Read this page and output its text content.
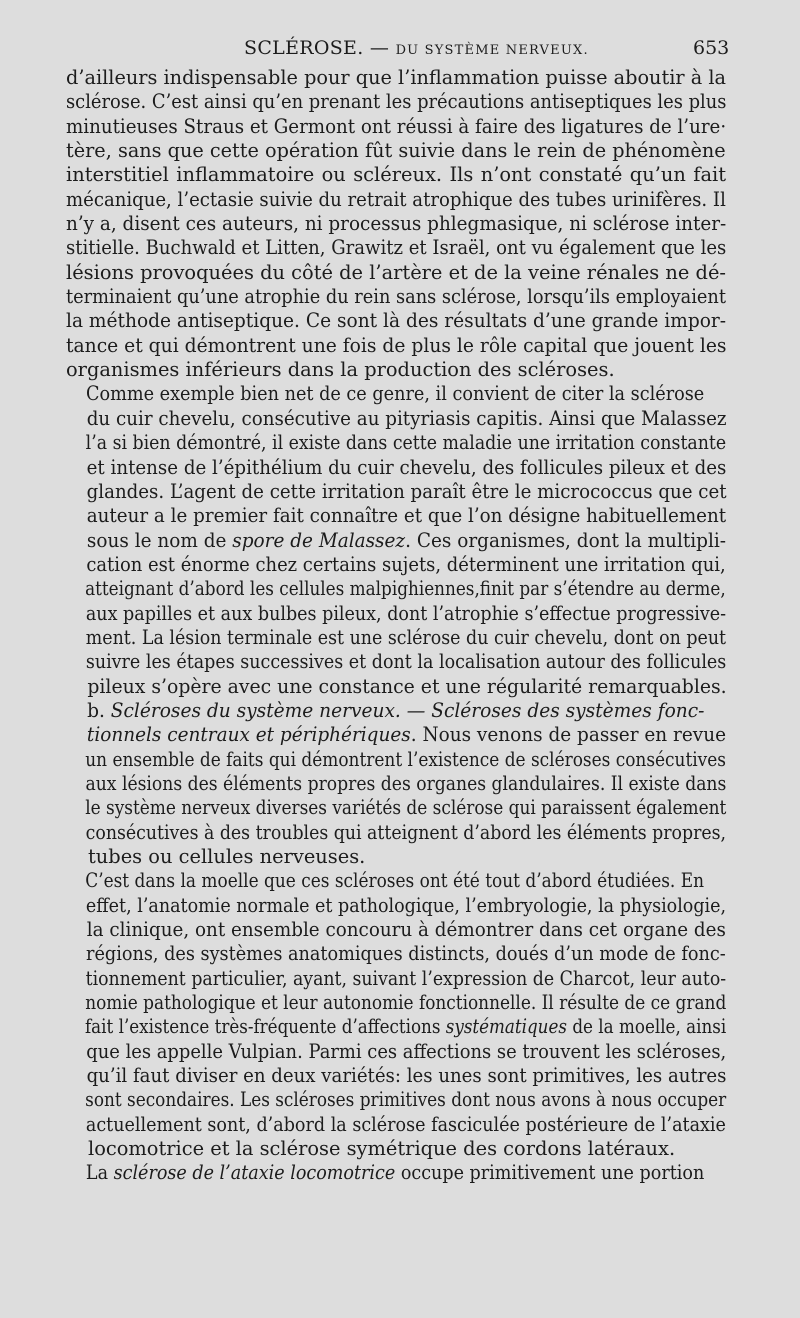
SCLÉROSE. — DU SYSTÈME NERVEUX.	653

d’ailleurs indispensable pour que l’inflammation puisse aboutir à la
sclérose. C’est ainsi qu’en prenant les précautions antiseptiques les plus
minutieuses Straus et Germont ont réussi à faire des ligatures de l’ure·
tère, sans que cette opération fût suivie dans le rein de phénomène
interstitiel inflammatoire ou scléreux. Ils n’ont constaté qu’un fait
mécanique, l’ectasie suivie du retrait atrophique des tubes urinifères. Il
n’y a, disent ces auteurs, ni processus phlegmasique, ni sclérose inter-
stitielle. Buchwald et Litten, Grawitz et Israël, ont vu également que les
lésions provoquées du côté de l’artère et de la veine rénales ne dé-
terminaient qu’une atrophie du rein sans sclérose, lorsqu’ils employaient
la méthode antiseptique. Ce sont là des résultats d’une grande impor-
tance et qui démontrent une fois de plus le rôle capital que jouent les
organismes inférieurs dans la production des scléroses.

Comme exemple bien net de ce genre, il convient de citer la sclérose
du cuir chevelu, consécutive au pityriasis capitis. Ainsi que Malassez
l’a si bien démontré, il existe dans cette maladie une irritation constante
et intense de l’épithélium du cuir chevelu, des follicules pileux et des
glandes. L’agent de cette irritation paraît être le micrococcus que cet
auteur a le premier fait connaître et que l’on désigne habituellement
sous le nom de spore de Malassez. Ces organismes, dont la multipli-
cation est énorme chez certains sujets, déterminent une irritation qui,
atteignant d’abord les cellules malpighiennes,finit par s’étendre au derme,
aux papilles et aux bulbes pileux, dont l’atrophie s’effectue progressive-
ment. La lésion terminale est une sclérose du cuir chevelu, dont on peut
suivre les étapes successives et dont la localisation autour des follicules
pileux s’opère avec une constance et une régularité remarquables.

b. Scléroses du système nerveux. — Scléroses des systèmes fonc-
tionnels centraux et périphériques. Nous venons de passer en revue
un ensemble de faits qui démontrent l’existence de scléroses consécutives
aux lésions des éléments propres des organes glandulaires. Il existe dans
le système nerveux diverses variétés de sclérose qui paraissent également
consécutives à des troubles qui atteignent d’abord les éléments propres,
tubes ou cellules nerveuses.

C’est dans la moelle que ces scléroses ont été tout d’abord étudiées. En
effet, l’anatomie normale et pathologique, l’embryologie, la physiologie,
la clinique, ont ensemble concouru à démontrer dans cet organe des
régions, des systèmes anatomiques distincts, doués d’un mode de fonc-
tionnement particulier, ayant, suivant l’expression de Charcot, leur auto-
nomie pathologique et leur autonomie fonctionnelle. Il résulte de ce grand
fait l’existence très-fréquente d’affections systématiques de la moelle, ainsi
que les appelle Vulpian. Parmi ces affections se trouvent les scléroses,
qu’il faut diviser en deux variétés: les unes sont primitives, les autres
sont secondaires. Les scléroses primitives dont nous avons à nous occuper
actuellement sont, d’abord la sclérose fasciculée postérieure de l’ataxie
locomotrice et la sclérose symétrique des cordons latéraux.

La sclérose de l’ataxie locomotrice occupe primitivement une portion
